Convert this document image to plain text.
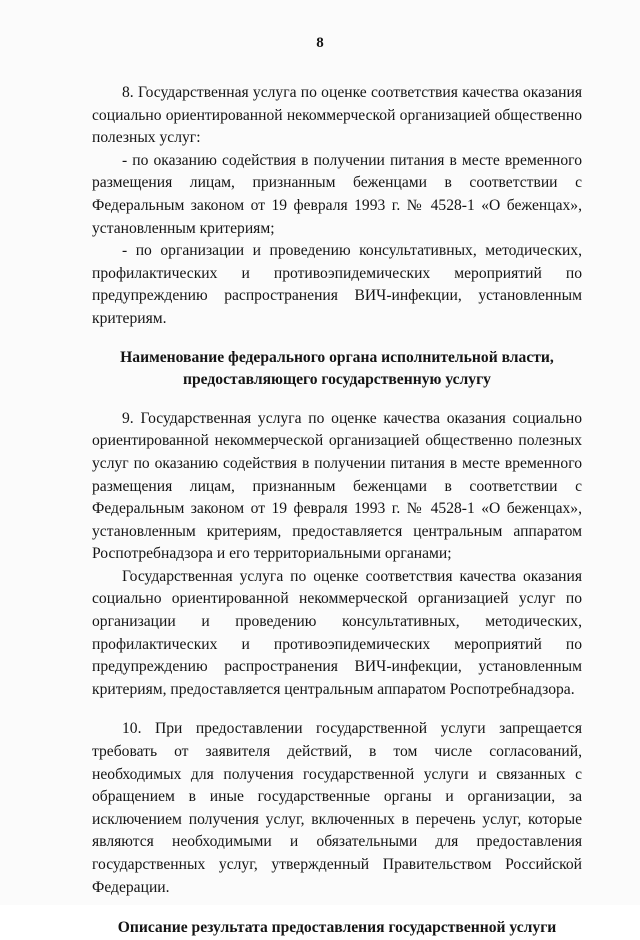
8

8. Государственная услуга по оценке соответствия качества оказания социально ориентированной некоммерческой организацией общественно полезных услуг:

- по оказанию содействия в получении питания в месте временного размещения лицам, признанным беженцами в соответствии с Федеральным законом от 19 февраля 1993 г. № 4528-1 «О беженцах», установленным критериям;

- по организации и проведению консультативных, методических, профилактических и противоэпидемических мероприятий по предупреждению распространения ВИЧ-инфекции, установленным критериям.

Наименование федерального органа исполнительной власти,
предоставляющего государственную услугу

9. Государственная услуга по оценке качества оказания социально ориентированной некоммерческой организацией общественно полезных услуг по оказанию содействия в получении питания в месте временного размещения лицам, признанным беженцами в соответствии с Федеральным законом от 19 февраля 1993 г. № 4528-1 «О беженцах», установленным критериям, предоставляется центральным аппаратом Роспотребнадзора и его территориальными органами;

Государственная услуга по оценке соответствия качества оказания социально ориентированной некоммерческой организацией услуг по организации и проведению консультативных, методических, профилактических и противоэпидемических мероприятий по предупреждению распространения ВИЧ-инфекции, установленным критериям, предоставляется центральным аппаратом Роспотребнадзора.

10. При предоставлении государственной услуги запрещается требовать от заявителя действий, в том числе согласований, необходимых для получения государственной услуги и связанных с обращением в иные государственные органы и организации, за исключением получения услуг, включенных в перечень услуг, которые являются необходимыми и обязательными для предоставления государственных услуг, утвержденный Правительством Российской Федерации.

Описание результата предоставления государственной услуги
